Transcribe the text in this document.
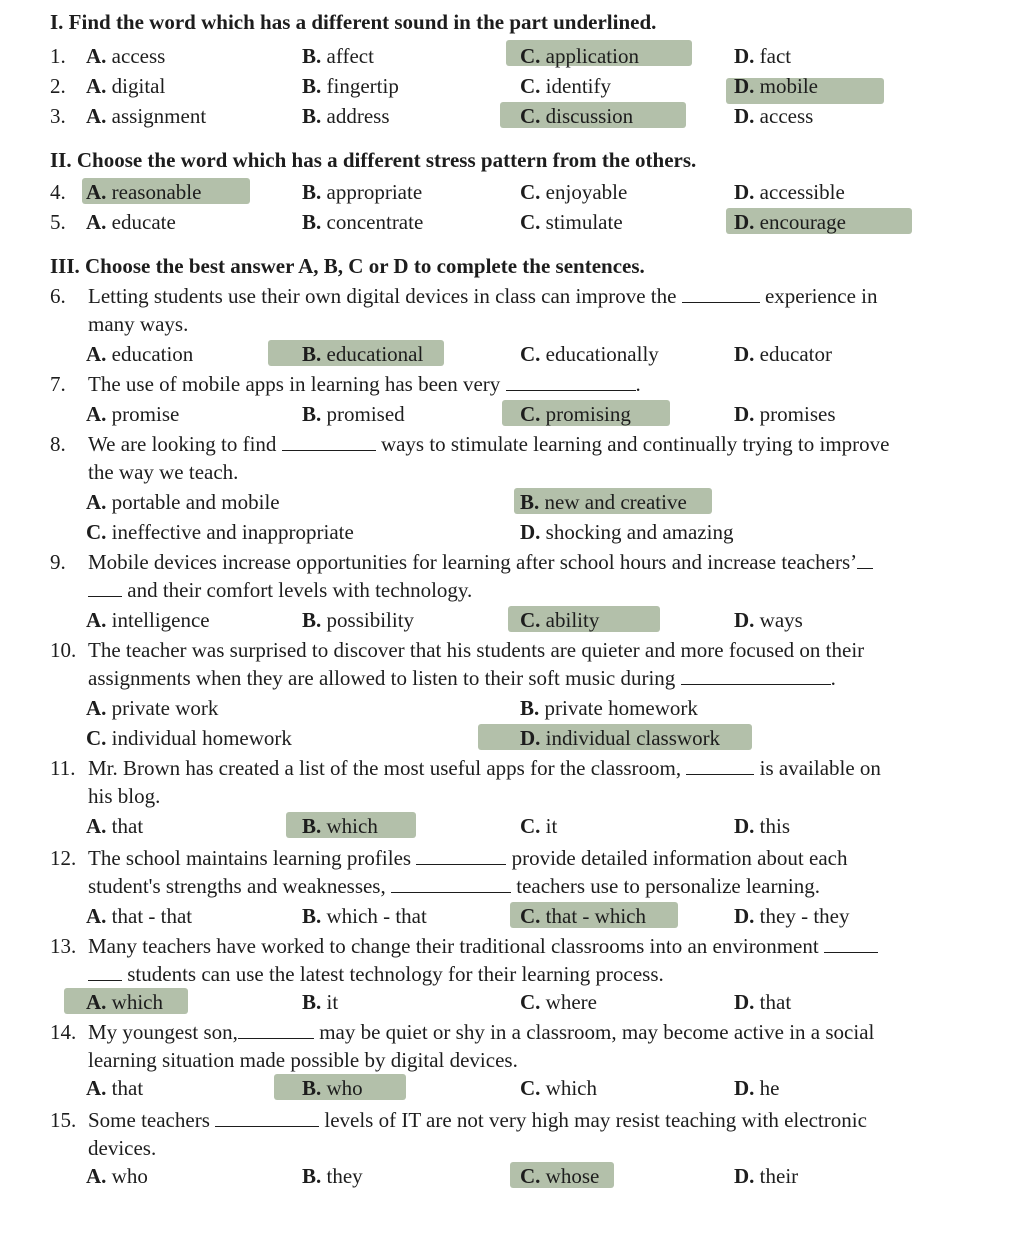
I. Find the word which has a different sound in the part underlined.
1. A. access	B. affect	C. application	D. fact
2. A. digital	B. fingertip	C. identify	D. mobile
3. A. assignment	B. address	C. discussion	D. access
II. Choose the word which has a different stress pattern from the others.
4. A. reasonable	B. appropriate	C. enjoyable	D. accessible
5. A. educate	B. concentrate	C. stimulate	D. encourage
III. Choose the best answer A, B, C or D to complete the sentences.
6. Letting students use their own digital devices in class can improve the	experience in
many ways.
A. education	B. educational	C. educationally	D. educator
7. The use of mobile apps in learning has been very	.
A. promise	B. promised	C. promising	D. promises
8. We are looking to find	ways to stimulate learning and continually trying to improve
the way we teach.
A. portable and mobile	B. new and creative
C. ineffective and inappropriate	D. shocking and amazing
9. Mobile devices increase opportunities for learning after school hours and increase teachers’
and their comfort levels with technology.
A. intelligence	B. possibility	C. ability	D. ways
10. The teacher was surprised to discover that his students are quieter and more focused on their
assignments when they are allowed to listen to their soft music during	.
A. private work	B. private homework
C. individual homework	D. individual classwork
11. Mr. Brown has created a list of the most useful apps for the classroom,	is available on
his blog.
A. that	B. which	C. it	D. this
12. The school maintains learning profiles	provide detailed information about each
student's strengths and weaknesses,	teachers use to personalize learning.
A. that - that	B. which - that	C. that - which	D. they - they
13. Many teachers have worked to change their traditional classrooms into an environment
students can use the latest technology for their learning process.
A. which	B. it	C. where	D. that
14. My youngest son,	may be quiet or shy in a classroom, may become active in a social
learning situation made possible by digital devices.
A. that	B. who	C. which	D. he
15. Some teachers	levels of IT are not very high may resist teaching with electronic
devices.
A. who	B. they	C. whose	D. their
